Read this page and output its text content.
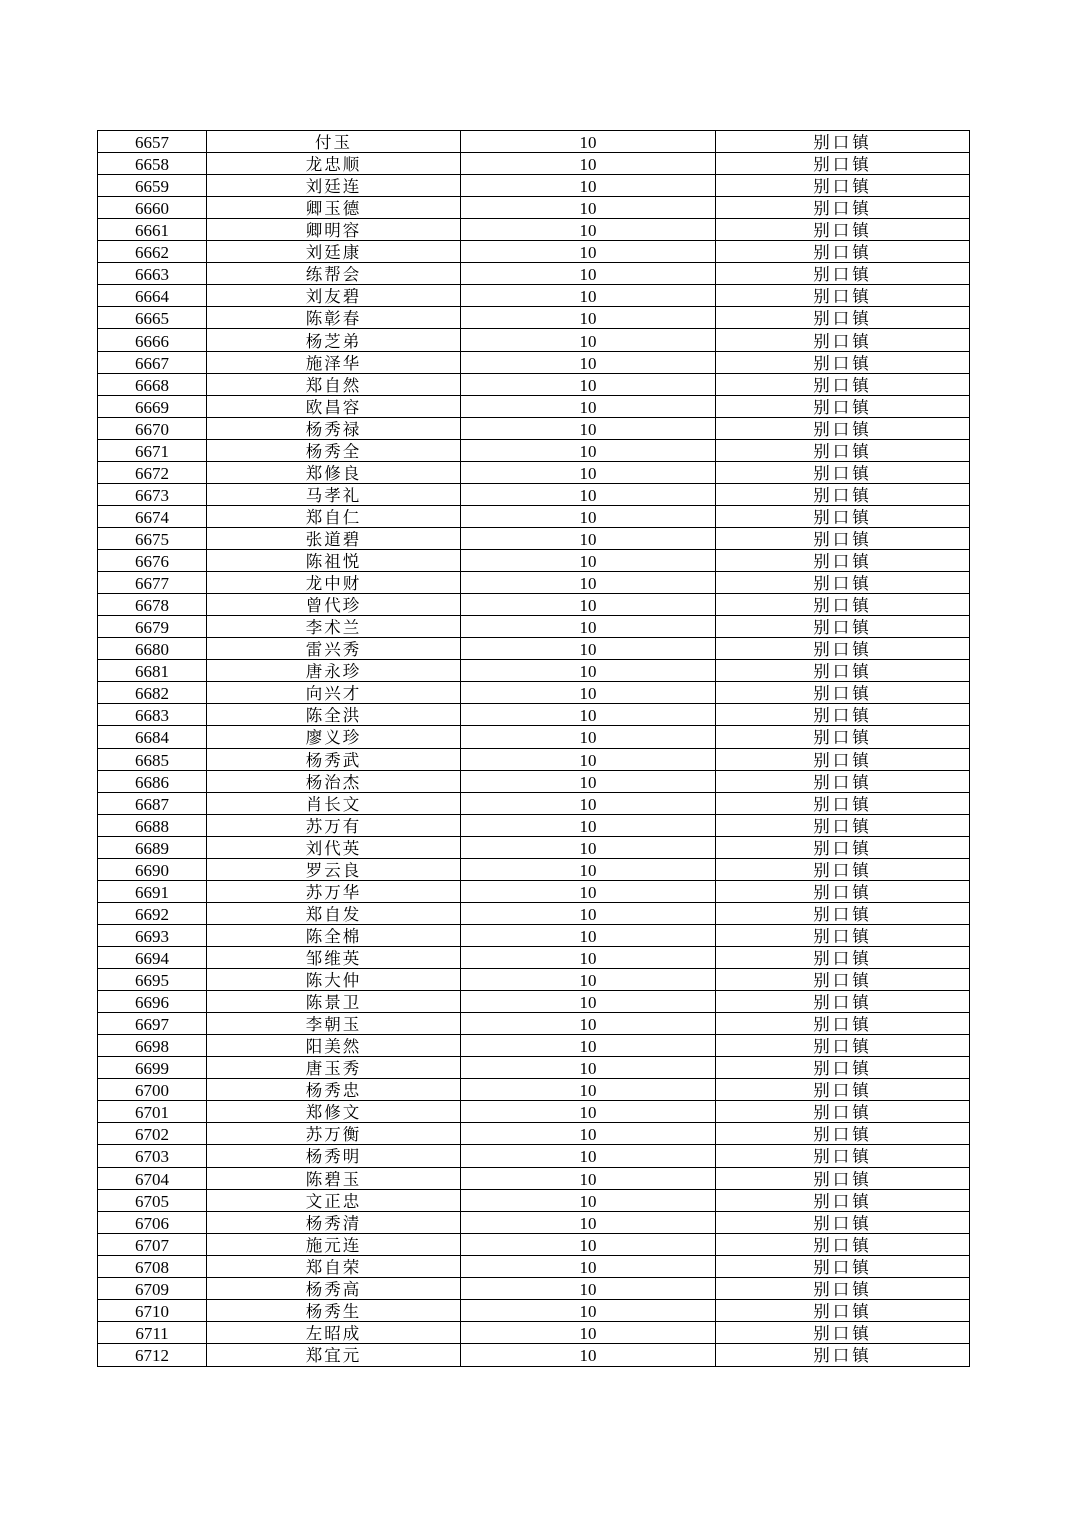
6657	付玉	10	别口镇
6658	龙忠顺	10	别口镇
6659	刘廷连	10	别口镇
6660	卿玉德	10	别口镇
6661	卿明容	10	别口镇
6662	刘廷康	10	别口镇
6663	练帮会	10	别口镇
6664	刘友碧	10	别口镇
6665	陈彰春	10	别口镇
6666	杨芝弟	10	别口镇
6667	施泽华	10	别口镇
6668	郑自然	10	别口镇
6669	欧昌容	10	别口镇
6670	杨秀禄	10	别口镇
6671	杨秀全	10	别口镇
6672	郑修良	10	别口镇
6673	马孝礼	10	别口镇
6674	郑自仁	10	别口镇
6675	张道碧	10	别口镇
6676	陈祖悦	10	别口镇
6677	龙中财	10	别口镇
6678	曾代珍	10	别口镇
6679	李术兰	10	别口镇
6680	雷兴秀	10	别口镇
6681	唐永珍	10	别口镇
6682	向兴才	10	别口镇
6683	陈全洪	10	别口镇
6684	廖义珍	10	别口镇
6685	杨秀武	10	别口镇
6686	杨治杰	10	别口镇
6687	肖长文	10	别口镇
6688	苏万有	10	别口镇
6689	刘代英	10	别口镇
6690	罗云良	10	别口镇
6691	苏万华	10	别口镇
6692	郑自发	10	别口镇
6693	陈全棉	10	别口镇
6694	邹维英	10	别口镇
6695	陈大仲	10	别口镇
6696	陈景卫	10	别口镇
6697	李朝玉	10	别口镇
6698	阳美然	10	别口镇
6699	唐玉秀	10	别口镇
6700	杨秀忠	10	别口镇
6701	郑修文	10	别口镇
6702	苏万衡	10	别口镇
6703	杨秀明	10	别口镇
6704	陈碧玉	10	别口镇
6705	文正忠	10	别口镇
6706	杨秀清	10	别口镇
6707	施元连	10	别口镇
6708	郑自荣	10	别口镇
6709	杨秀高	10	别口镇
6710	杨秀生	10	别口镇
6711	左昭成	10	别口镇
6712	郑宜元	10	别口镇
